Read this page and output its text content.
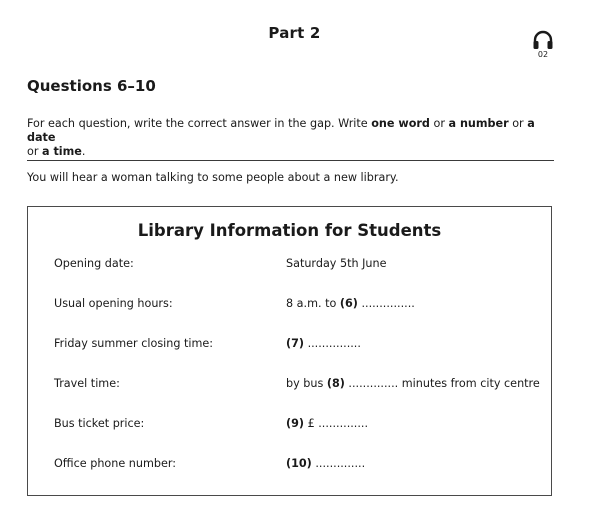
Part 2
02
Questions 6–10
For each question, write the correct answer in the gap. Write one word or a number or a date
or a time.
You will hear a woman talking to some people about a new library.
Library Information for Students
Opening date:	Saturday 5th June
Usual opening hours:	8 a.m. to (6) ...............
Friday summer closing time:	(7) ...............
Travel time:	by bus (8) .............. minutes from city centre
Bus ticket price:	(9) £ ..............
Office phone number:	(10) ..............
